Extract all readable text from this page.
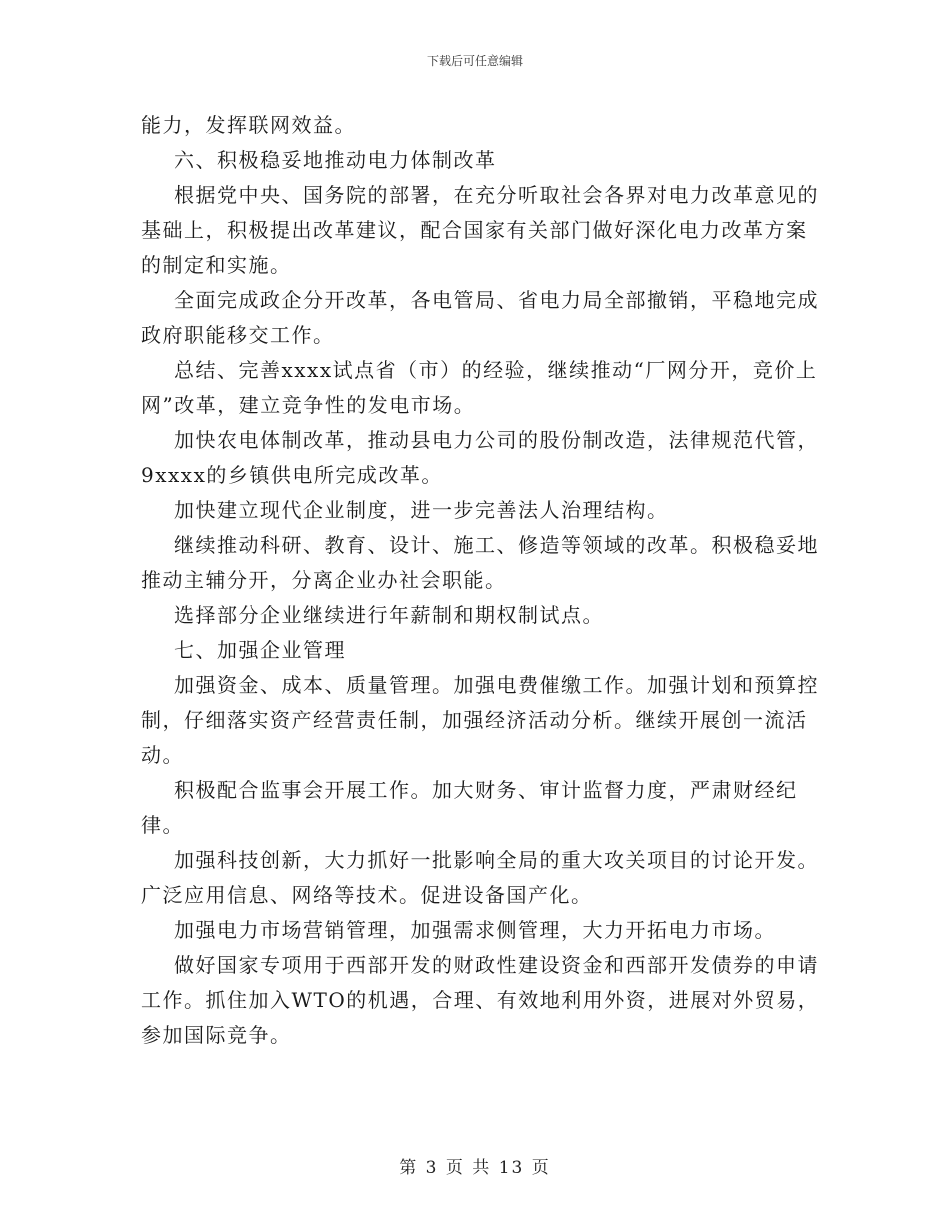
下载后可任意编辑

能力，发挥联网效益。

六、积极稳妥地推动电力体制改革

根据党中央、国务院的部署，在充分听取社会各界对电力改革意见的基础上，积极提出改革建议，配合国家有关部门做好深化电力改革方案的制定和实施。

全面完成政企分开改革，各电管局、省电力局全部撤销，平稳地完成政府职能移交工作。

总结、完善xxxx试点省（市）的经验，继续推动“厂网分开，竞价上网”改革，建立竞争性的发电市场。

加快农电体制改革，推动县电力公司的股份制改造，法律规范代管，9xxxx的乡镇供电所完成改革。

加快建立现代企业制度，进一步完善法人治理结构。

继续推动科研、教育、设计、施工、修造等领域的改革。积极稳妥地推动主辅分开，分离企业办社会职能。

选择部分企业继续进行年薪制和期权制试点。

七、加强企业管理

加强资金、成本、质量管理。加强电费催缴工作。加强计划和预算控制，仔细落实资产经营责任制，加强经济活动分析。继续开展创一流活动。

积极配合监事会开展工作。加大财务、审计监督力度，严肃财经纪律。

加强科技创新，大力抓好一批影响全局的重大攻关项目的讨论开发。广泛应用信息、网络等技术。促进设备国产化。

加强电力市场营销管理，加强需求侧管理，大力开拓电力市场。

做好国家专项用于西部开发的财政性建设资金和西部开发债券的申请工作。抓住加入WTO的机遇，合理、有效地利用外资，进展对外贸易，参加国际竞争。

第 3 页 共 13 页
